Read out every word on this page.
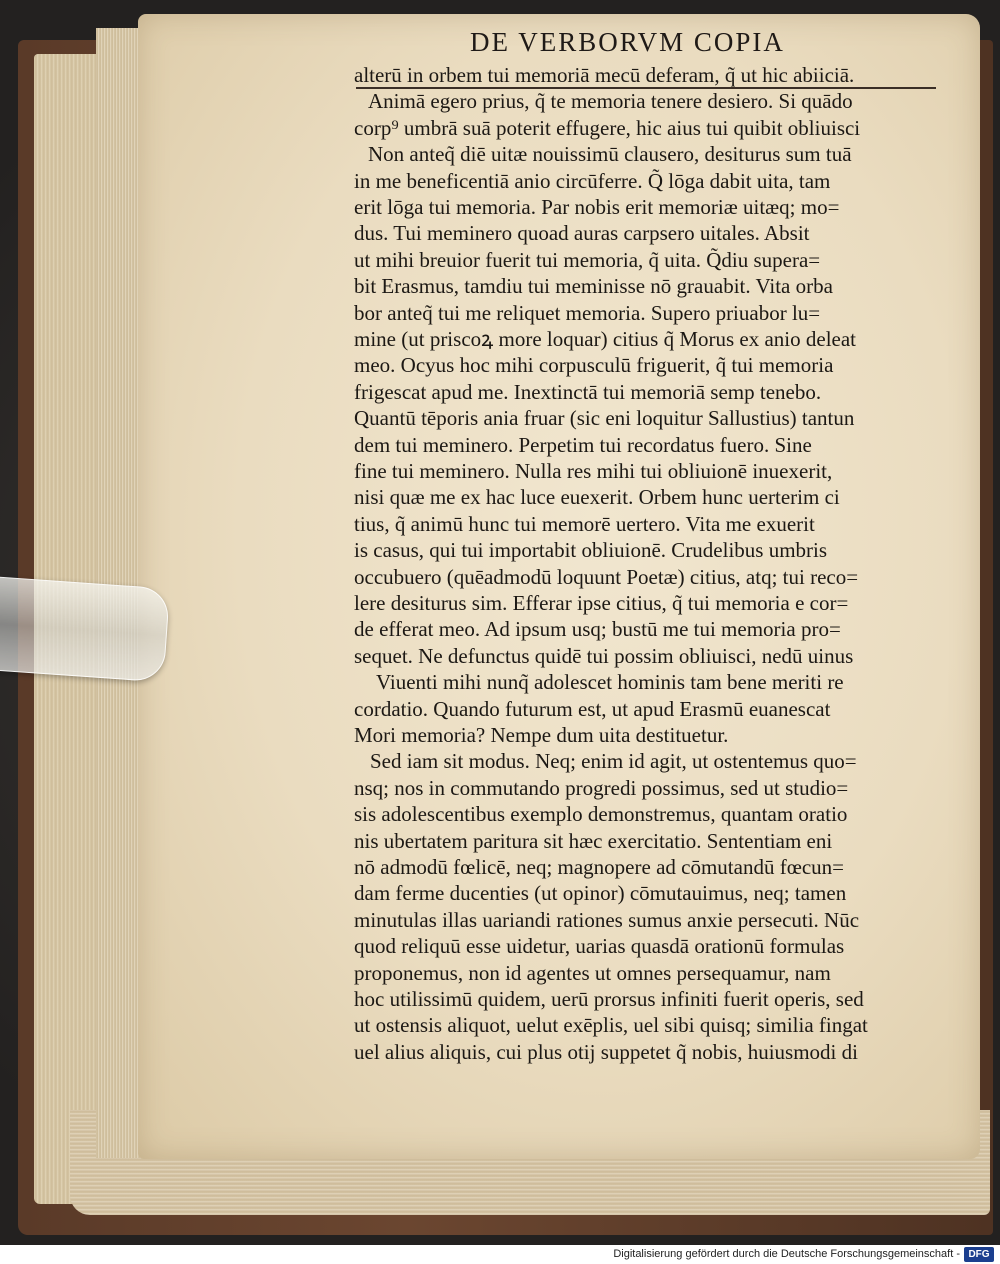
DE VERBORVM COPIA
alterū in orbem tui memoriā mecū deferam, q̃ ut hic abiiciā.
Animā egero prius, q̃ te memoria tenere desiero. Si quādo
corp⁹ umbrā suā poterit effugere, hic aius tui quibit obliuisci
Non anteq̃ diē uitæ nouissimū clausero, desiturus sum tuā
in me beneficentiā anio circūferre. Q̃ lōga dabit uita, tam
erit lōga tui memoria. Par nobis erit memoriæ uitæq; mo=
dus. Tui meminero quoad auras carpsero uitales. Absit
ut mihi breuior fuerit tui memoria, q̃ uita. Q̃diu supera=
bit Erasmus, tamdiu tui meminisse nō grauabit. Vita orba
bor anteq̃ tui me reliquet memoria. Supero priuabor lu=
mine (ut priscoꝝ more loquar) citius q̃ Morus ex anio deleat
meo. Ocyus hoc mihi corpusculū friguerit, q̃ tui memoria
frigescat apud me. Inextinctā tui memoriā semp tenebo.
Quantū tēporis ania fruar (sic eni loquitur Sallustius) tantun
dem tui meminero. Perpetim tui recordatus fuero. Sine
fine tui meminero. Nulla res mihi tui obliuionē inuexerit,
nisi quæ me ex hac luce euexerit. Orbem hunc uerterim ci
tius, q̃ animū hunc tui memorē uertero. Vita me exuerit
is casus, qui tui importabit obliuionē. Crudelibus umbris
occubuero (quēadmodū loquunt Poetæ) citius, atq; tui reco=
lere desiturus sim. Efferar ipse citius, q̃ tui memoria e cor=
de efferat meo. Ad ipsum usq; bustū me tui memoria pro=
sequet. Ne defunctus quidē tui possim obliuisci, nedū uinus
Viuenti mihi nunq̃ adolescet hominis tam bene meriti re
cordatio. Quando futurum est, ut apud Erasmū euanescat
Mori memoria? Nempe dum uita destituetur.
Sed iam sit modus. Neq; enim id agit, ut ostentemus quo=
nsq; nos in commutando progredi possimus, sed ut studio=
sis adolescentibus exemplo demonstremus, quantam oratio
nis ubertatem paritura sit hæc exercitatio. Sententiam eni
nō admodū fœlicē, neq; magnopere ad cōmutandū fœcun=
dam ferme ducenties (ut opinor) cōmutauimus, neq; tamen
minutulas illas uariandi rationes sumus anxie persecuti. Nūc
quod reliquū esse uidetur, uarias quasdā orationū formulas
proponemus, non id agentes ut omnes persequamur, nam
hoc utilissimū quidem, uerū prorsus infiniti fuerit operis, sed
ut ostensis aliquot, uelut exēplis, uel sibi quisq; similia fingat
uel alius aliquis, cui plus otij suppetet q̃ nobis, huiusmodi di
Digitalisierung gefördert durch die Deutsche Forschungsgemeinschaft - DFG
